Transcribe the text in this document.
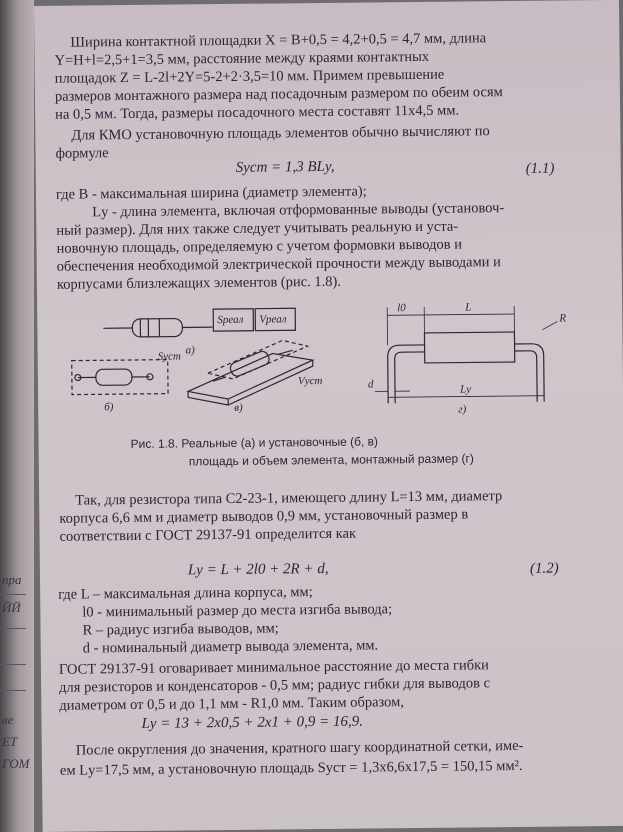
прa
ЙЙ
ве
ЕТ
ГОМ
Ширина контактной площадки X = B+0,5 = 4,2+0,5 = 4,7 мм, длина
Y=H+l=2,5+1=3,5 мм, расстояние между краями контактных
площадок Z = L-2l+2Y=5-2+2·3,5=10 мм. Примем превышение
размеров монтажного размера над посадочным размером по обеим осям
на 0,5 мм. Тогда, размеры посадочного места составят 11х4,5 мм.
Для КМО установочную площадь элементов обычно вычисляют по
формуле
Sуст = 1,3 BLу,	(1.1)
где B - максимальная ширина (диаметр элемента);
Lу - длина элемента, включая отформованные выводы (установоч-
ный размер). Для них также следует учитывать реальную и уста-
новочную площадь, определяемую с учетом формовки выводов и
обеспечения необходимой электрической прочности между выводами и
корпусами близлежащих элементов (рис. 1.8).
а)
Sреал Vреал
Sуст
Vуст
б)	в)
l0	L
R
d	Lу
г)
Рис. 1.8. Реальные (а) и установочные (б, в)
площадь и объем элемента, монтажный размер (г)
Так, для резистора типа С2-23-1, имеющего длину L=13 мм, диаметр
корпуса 6,6 мм и диаметр выводов 0,9 мм, установочный размер в
соответствии с ГОСТ 29137-91 определится как
Lу = L + 2l0 + 2R + d,	(1.2)
где L – максимальная длина корпуса, мм;
l0 - минимальный размер до места изгиба вывода;
R – радиус изгиба выводов, мм;
d - номинальный диаметр вывода элемента, мм.
ГОСТ 29137-91 оговаривает минимальное расстояние до места гибки
для резисторов и конденсаторов - 0,5 мм; радиус гибки для выводов с
диаметром от 0,5 и до 1,1 мм - R1,0 мм. Таким образом,
Lу = 13 + 2х0,5 + 2х1 + 0,9 = 16,9.
После округления до значения, кратного шагу координатной сетки, име-
ем Lу=17,5 мм, а установочную площадь Sуст = 1,3х6,6х17,5 = 150,15 мм².
